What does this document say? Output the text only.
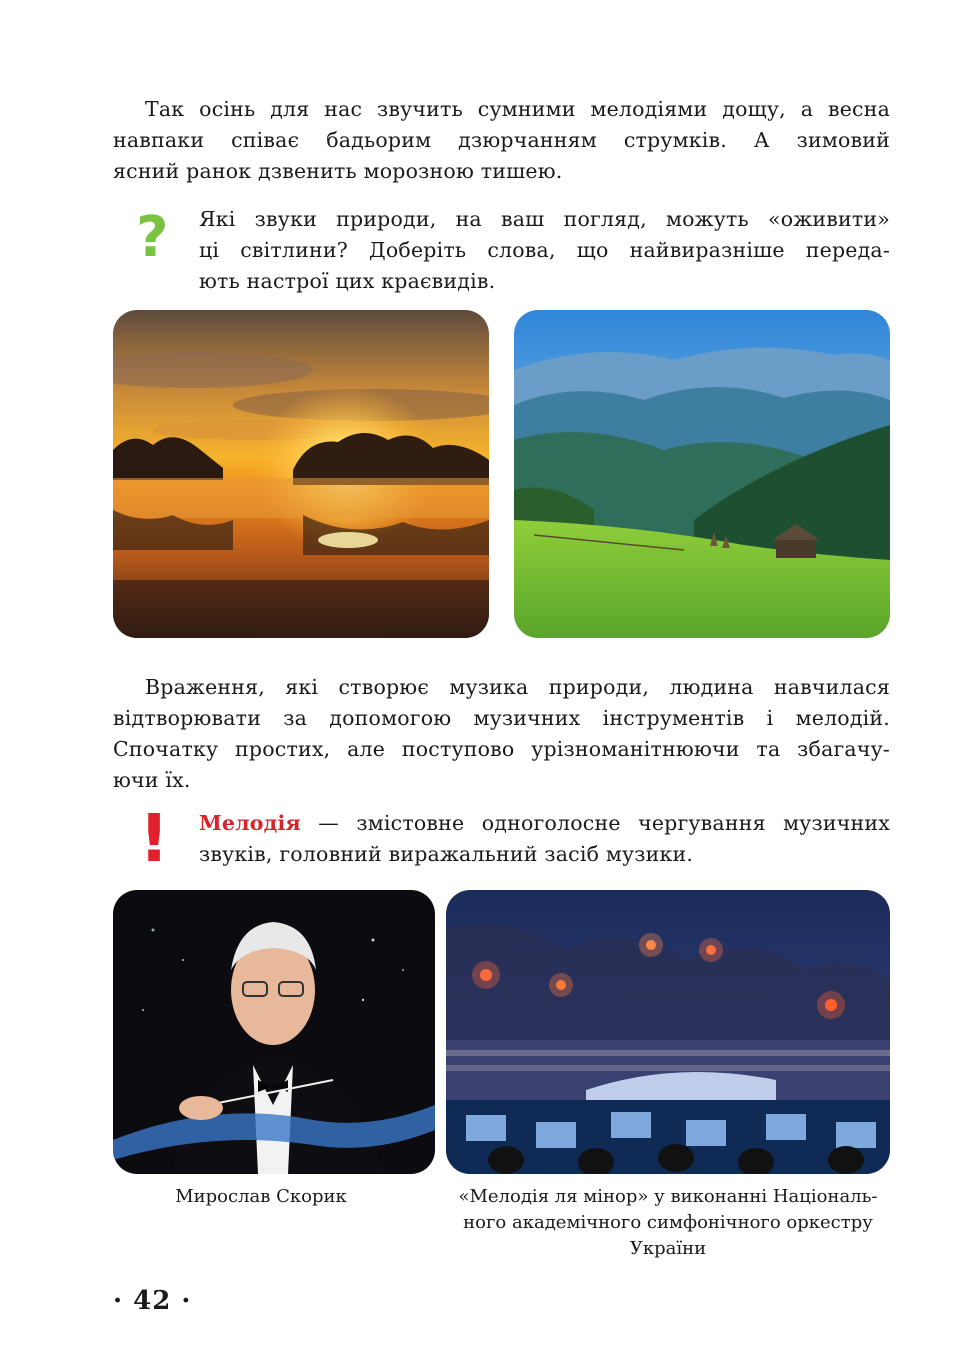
Так осінь для нас звучить сумними мелодіями дощу, а весна
навпаки співає бадьорим дзюрчанням струмків. А зимовий
ясний ранок дзвенить морозною тишею.
? Які звуки природи, на ваш погляд, можуть «оживити»
ці світлини? Доберіть слова, що найвиразніше переда-
ють настрої цих краєвидів.
Враження, які створює музика природи, людина навчилася
відтворювати за допомогою музичних інструментів і мелодій.
Спочатку простих, але поступово урізноманітнюючи та збагачу-
ючи їх.
! Мелодія — змістовне одноголосне чергування музичних
звуків, головний виражальний засіб музики.
Мирослав Скорик	«Мелодія ля мінор» у виконанні Національ-
ного академічного симфонічного оркестру
України
· 42 ·
